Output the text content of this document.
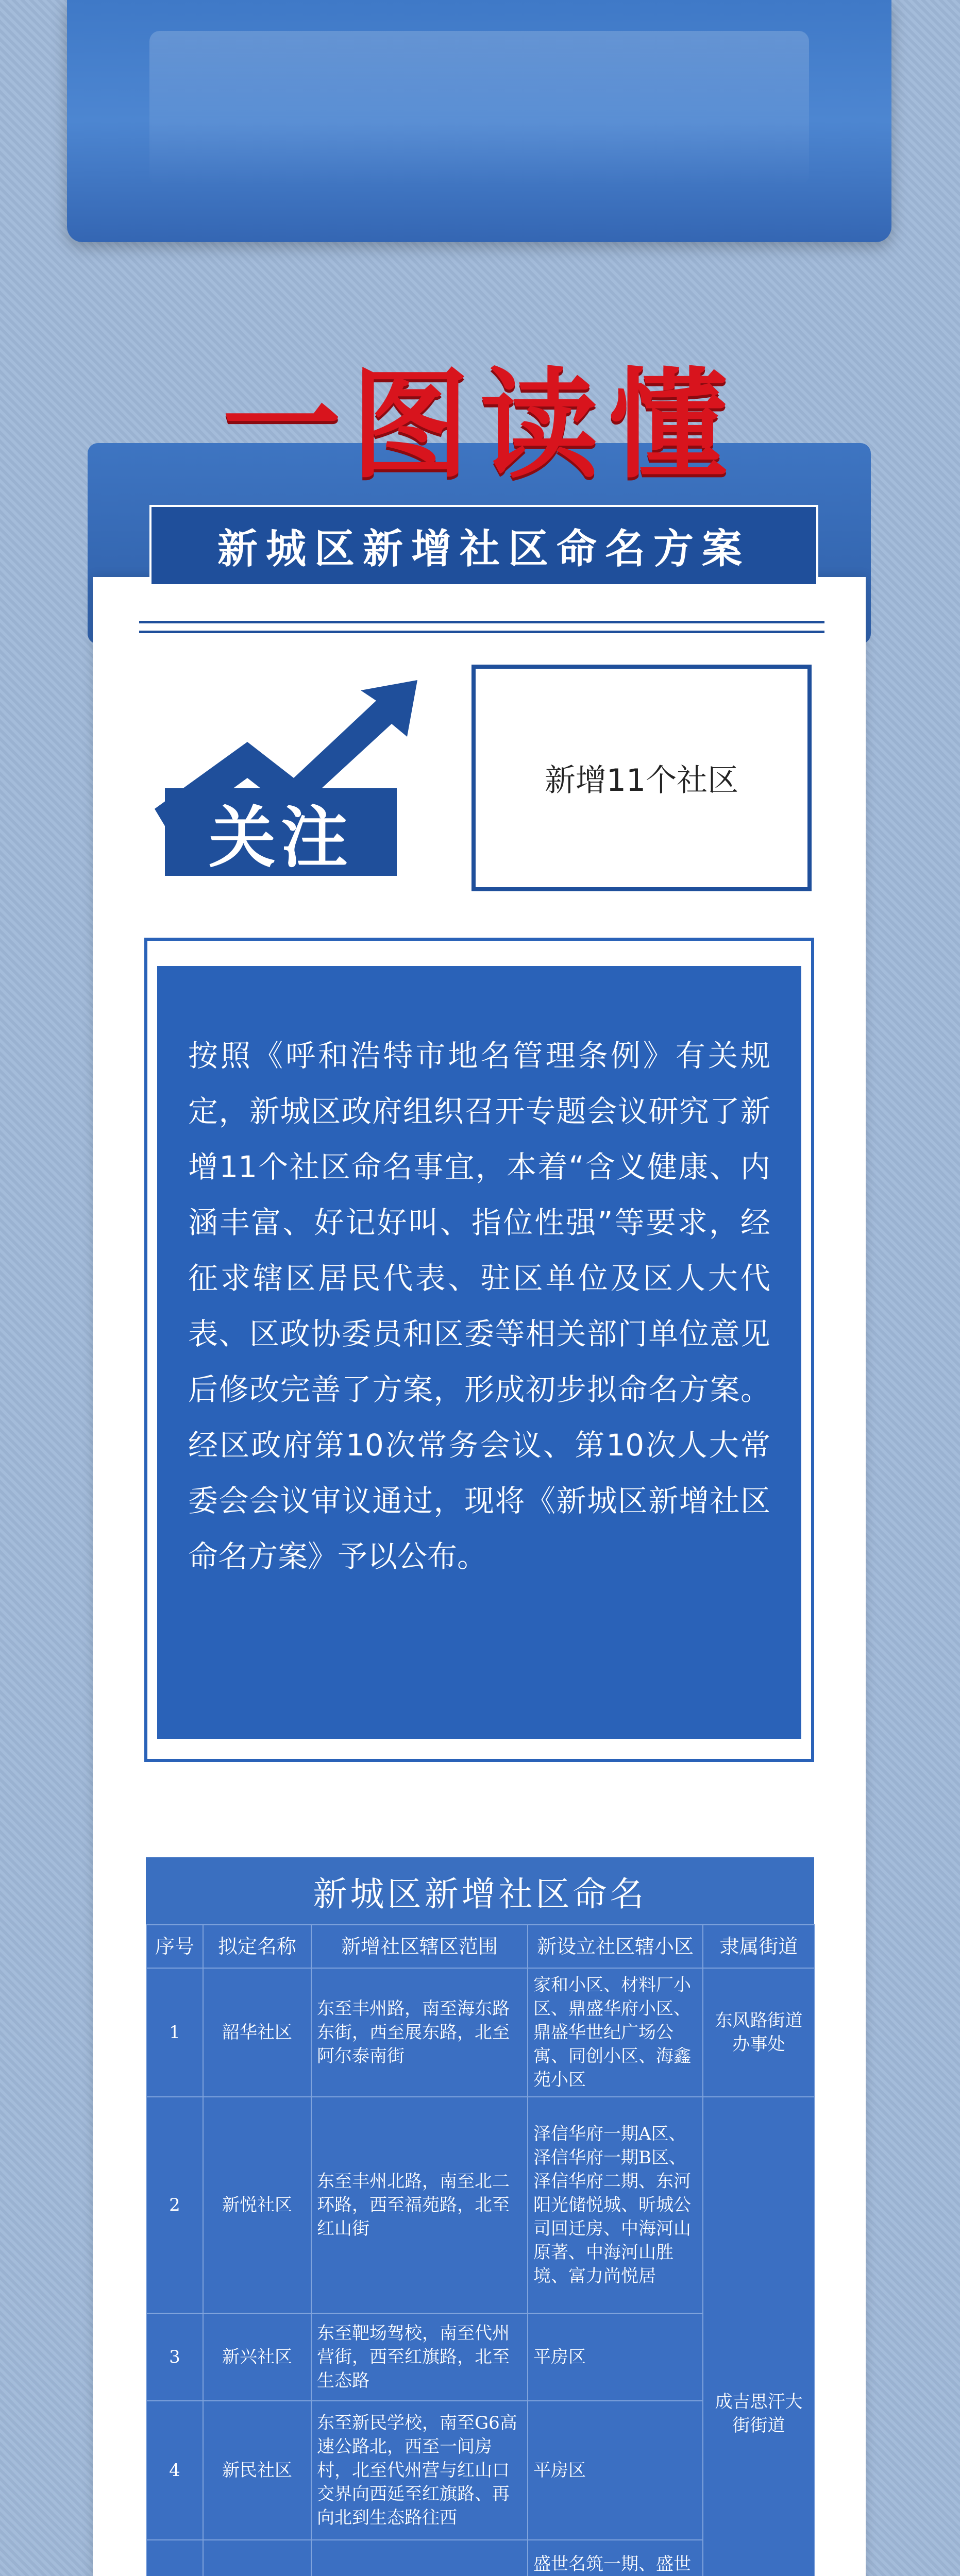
一图读懂
新城区新增社区命名方案
关注
新增11个社区
按照《呼和浩特市地名管理条例》有关规定，新城区政府组织召开专题会议研究了新增11个社区命名事宜，本着“含义健康、内涵丰富、好记好叫、指位性强”等要求，经征求辖区居民代表、驻区单位及区人大代表、区政协委员和区委等相关部门单位意见后修改完善了方案，形成初步拟命名方案。经区政府第10次常务会议、第10次人大常委会会议审议通过，现将《新城区新增社区命名方案》予以公布。
新城区新增社区命名
序号	拟定名称	新增社区辖区范围	新设立社区辖小区	隶属街道
1	韶华社区	东至丰州路，南至海东路东街，西至展东路，北至阿尔泰南街	家和小区、材料厂小区、鼎盛华府小区、鼎盛华世纪广场公寓、同创小区、海鑫苑小区	东风路街道办事处
2	新悦社区	东至丰州北路，南至北二环路，西至福苑路，北至红山街	泽信华府一期A区、泽信华府一期B区、泽信华府二期、东河阳光储悦城、昕城公司回迁房、中海河山原著、中海河山胜境、富力尚悦居	成吉思汗大街街道
3	新兴社区	东至靶场驾校，南至代州营街，西至红旗路，北至生态路	平房区	
4	新民社区	东至新民学校，南至G6高速公路北，西至一间房村，北至代州营与红山口交界向西延至红旗路、再向北到生态路往西	平房区	
			盛世名筑一期、盛世	
